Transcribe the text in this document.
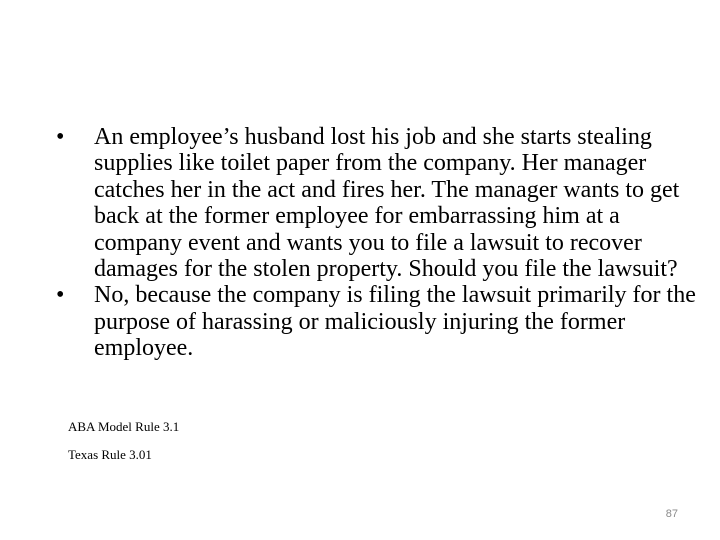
•	An employee’s husband lost his job and she starts stealing supplies like toilet paper from the company. Her manager catches her in the act and fires her. The manager wants to get back at the former employee for embarrassing him at a company event and wants you to file a lawsuit to recover damages for the stolen property. Should you file the lawsuit?
•	No, because the company is filing the lawsuit primarily for the purpose of harassing or maliciously injuring the former employee.

ABA Model Rule 3.1

Texas Rule 3.01

87
